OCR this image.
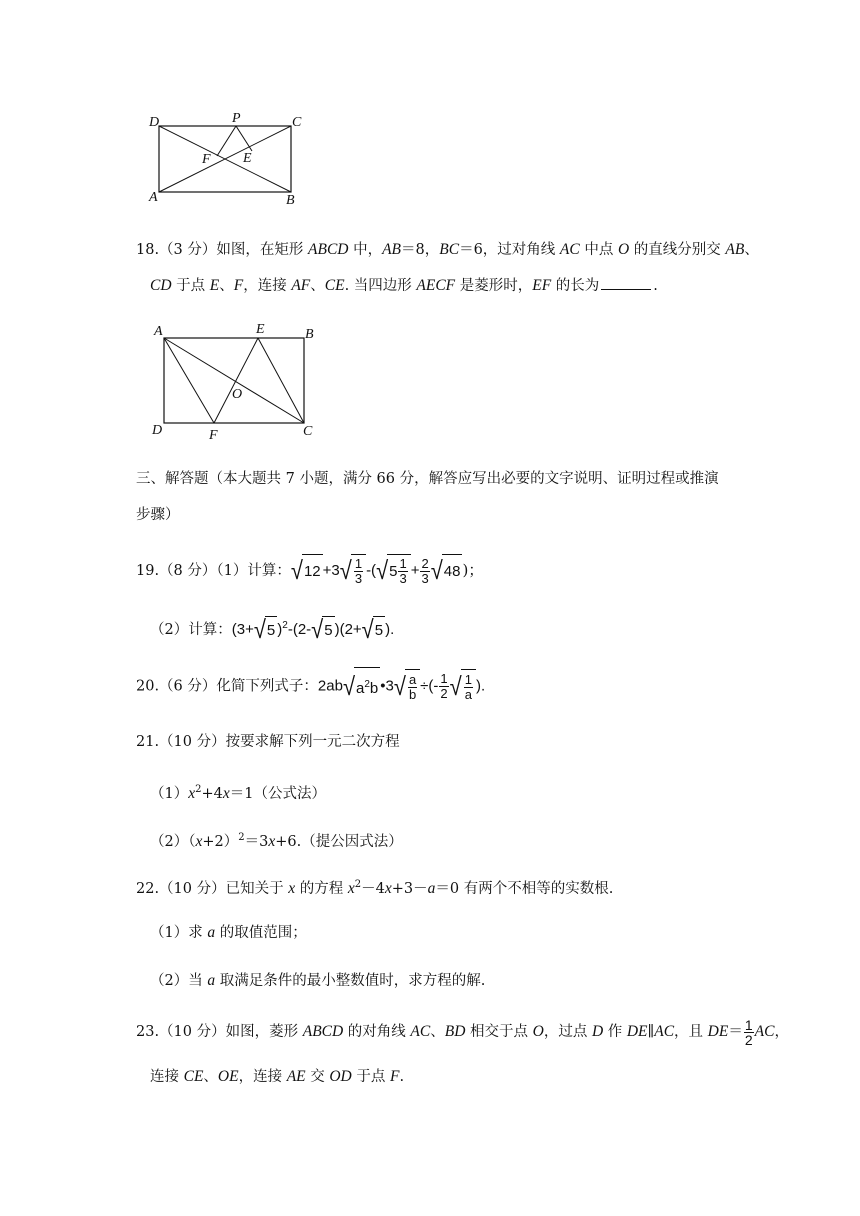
D	P	C
F E
A	B
18.（3 分）如图，在矩形 ABCD 中，AB＝8，BC＝6，过对角线 AC 中点 O 的直线分别交 AB、
CD 于点 E、F，连接 AF、CE. 当四边形 AECF 是菱形时，EF 的长为	.
A	E	B
O
D	F	C
三、解答题（本大题共 7 小题，满分 66 分，解答应写出必要的文字说明、证明过程或推演
步骤）
19.（8 分）（1）计算：$√12 +3√ \frac{1}{3} -(√5 \frac{1}{3} + \frac{2}{3} √48$ )；
（2）计算：(3+√5 )$^2$-(2-√5 )(2+√5 ).
20.（6 分）化简下列式子：$2ab√a^2b$ •3√ $\frac{a}{b}$ ÷(- $\frac{1}{2}$ √ $\frac{1}{a}$ ).
21.（10 分）按要求解下列一元二次方程
$(1)x^2+4x=1$（公式法）
$(2)(x+2)^2=3x+6$.（提公因式法）
22.（10 分）已知关于 x 的方程 $x^2-4x+3-a=0$ 有两个不相等的实数根.
（1）求 a 的取值范围；
（2）当 a 取满足条件的最小整数值时，求方程的解.
23.（10 分）如图，菱形 ABCD 的对角线 AC、BD 相交于点 O，过点 D 作 DE∥AC，且 $DE= \frac{1}{2}$ AC，
连接 CE、OE，连接 AE 交 OD 于点 F.
